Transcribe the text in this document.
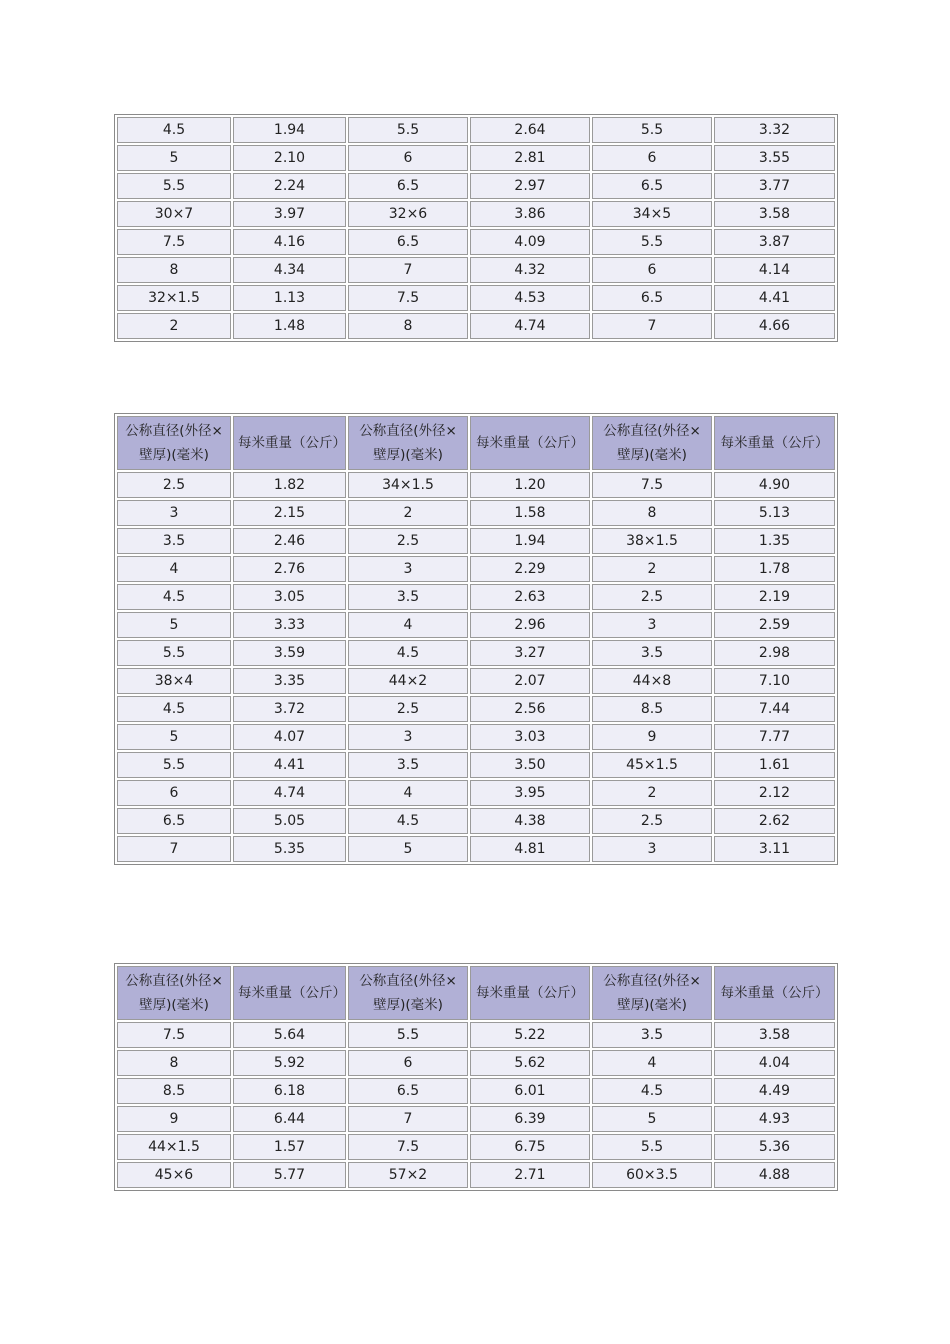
4.5	1.94	5.5	2.64	5.5	3.32
5	2.10	6	2.81	6	3.55
5.5	2.24	6.5	2.97	6.5	3.77
30×7	3.97	32×6	3.86	34×5	3.58
7.5	4.16	6.5	4.09	5.5	3.87
8	4.34	7	4.32	6	4.14
32×1.5	1.13	7.5	4.53	6.5	4.41
2	1.48	8	4.74	7	4.66
公称直径(外径×壁厚)(毫米)	每米重量（公斤）	公称直径(外径×壁厚)(毫米)	每米重量（公斤）	公称直径(外径×壁厚)(毫米)	每米重量（公斤）
2.5	1.82	34×1.5	1.20	7.5	4.90
3	2.15	2	1.58	8	5.13
3.5	2.46	2.5	1.94	38×1.5	1.35
4	2.76	3	2.29	2	1.78
4.5	3.05	3.5	2.63	2.5	2.19
5	3.33	4	2.96	3	2.59
5.5	3.59	4.5	3.27	3.5	2.98
38×4	3.35	44×2	2.07	44×8	7.10
4.5	3.72	2.5	2.56	8.5	7.44
5	4.07	3	3.03	9	7.77
5.5	4.41	3.5	3.50	45×1.5	1.61
6	4.74	4	3.95	2	2.12
6.5	5.05	4.5	4.38	2.5	2.62
7	5.35	5	4.81	3	3.11
公称直径(外径×壁厚)(毫米)	每米重量（公斤）	公称直径(外径×壁厚)(毫米)	每米重量（公斤）	公称直径(外径×壁厚)(毫米)	每米重量（公斤）
7.5	5.64	5.5	5.22	3.5	3.58
8	5.92	6	5.62	4	4.04
8.5	6.18	6.5	6.01	4.5	4.49
9	6.44	7	6.39	5	4.93
44×1.5	1.57	7.5	6.75	5.5	5.36
45×6	5.77	57×2	2.71	60×3.5	4.88
